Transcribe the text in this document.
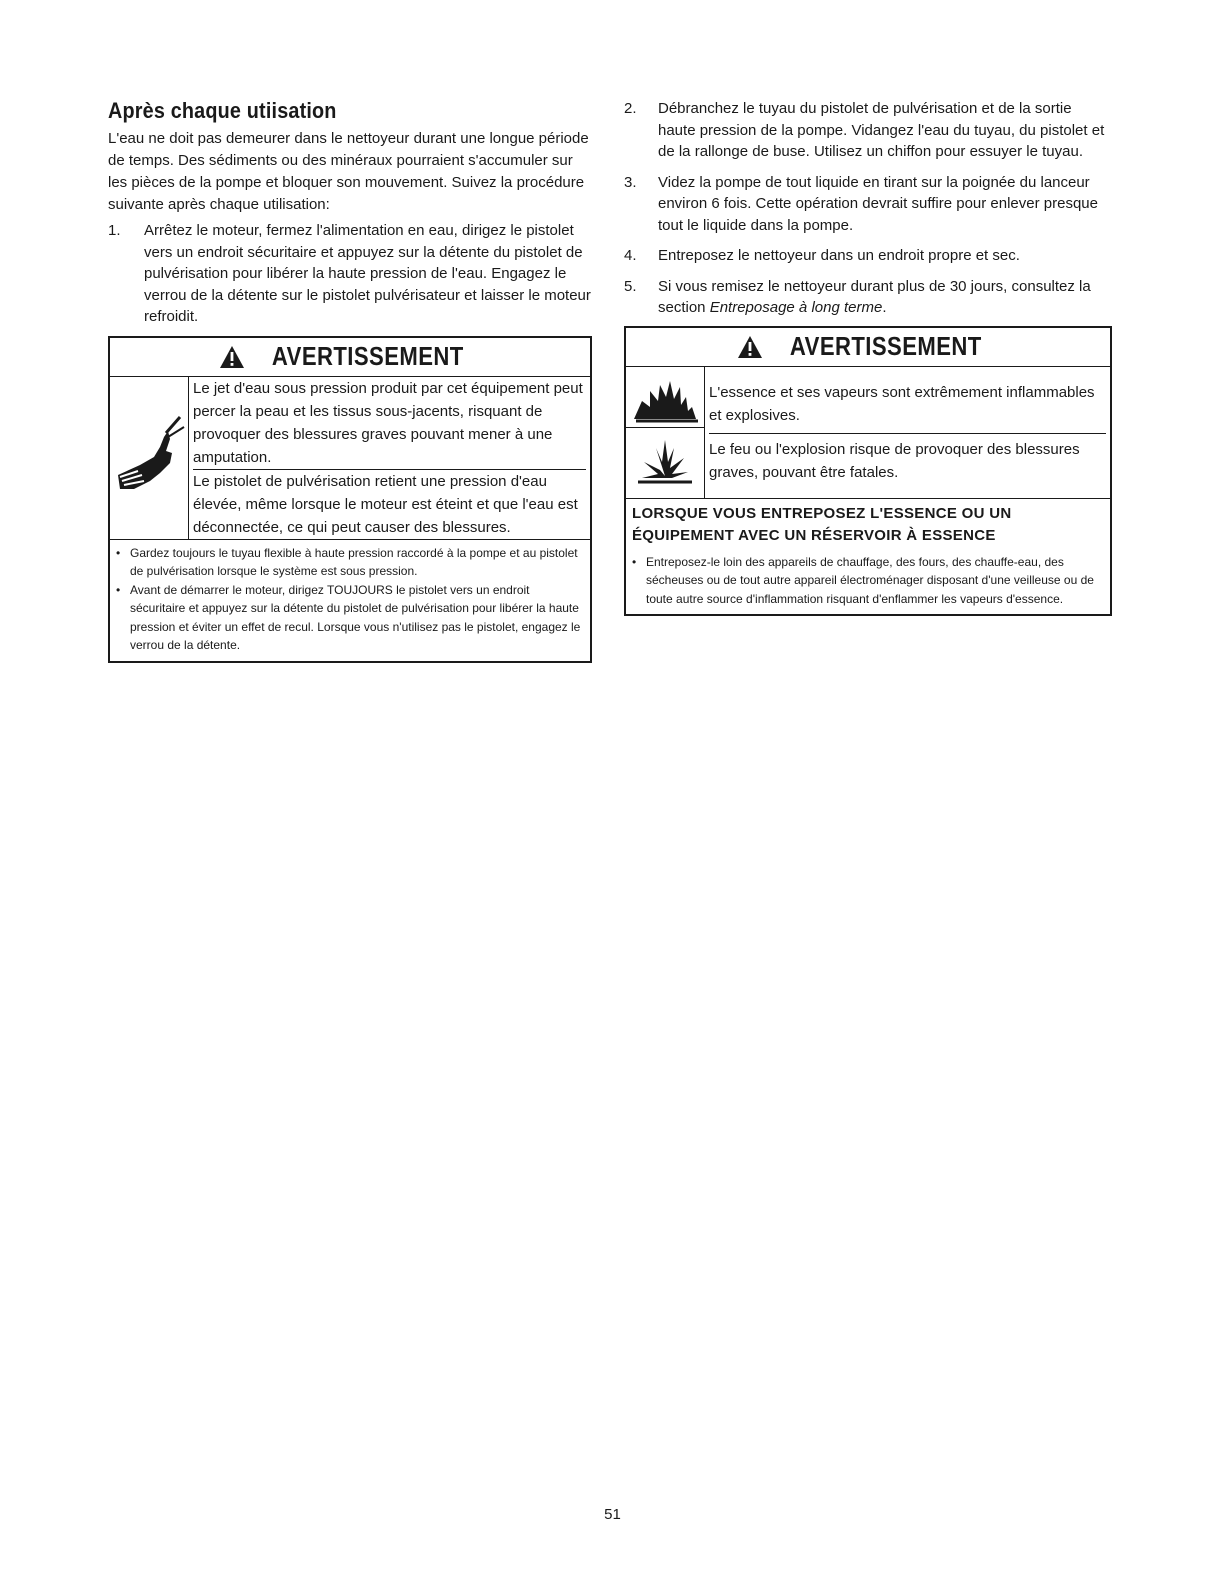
Après chaque utiisation

L'eau ne doit pas demeurer dans le nettoyeur durant une longue période de temps. Des sédiments ou des minéraux pourraient s'accumuler sur les pièces de la pompe et bloquer son mouvement. Suivez la procédure suivante après chaque utilisation:

1.	Arrêtez le moteur, fermez l'alimentation en eau, dirigez le pistolet vers un endroit sécuritaire et appuyez sur la détente du pistolet de pulvérisation pour libérer la haute pression de l'eau. Engagez le verrou de la détente sur le pistolet pulvérisateur et laisser le moteur refroidit.
AVERTISSEMENT

Le jet d'eau sous pression produit par cet équipement peut percer la peau et les tissus sous-jacents, risquant de provoquer des blessures graves pouvant mener à une amputation.

Le pistolet de pulvérisation retient une pression d'eau élevée, même lorsque le moteur est éteint et que l'eau est déconnectée, ce qui peut causer des blessures.

• Gardez toujours le tuyau flexible à haute pression raccordé à la pompe et au pistolet de pulvérisation lorsque le système est sous pression.
• Avant de démarrer le moteur, dirigez TOUJOURS le pistolet vers un endroit sécuritaire et appuyez sur la détente du pistolet de pulvérisation pour libérer la haute pression et éviter un effet de recul. Lorsque vous n'utilisez pas le pistolet, engagez le verrou de la détente.
2.	Débranchez le tuyau du pistolet de pulvérisation et de la sortie haute pression de la pompe. Vidangez l'eau du tuyau, du pistolet et de la rallonge de buse. Utilisez un chiffon pour essuyer le tuyau.
3.	Videz la pompe de tout liquide en tirant sur la poignée du lanceur environ 6 fois. Cette opération devrait suffire pour enlever presque tout le liquide dans la pompe.
4.	Entreposez le nettoyeur dans un endroit propre et sec.
5.	Si vous remisez le nettoyeur durant plus de 30 jours, consultez la section Entreposage à long terme.
AVERTISSEMENT

L'essence et ses vapeurs sont extrêmement inflammables et explosives.

Le feu ou l'explosion risque de provoquer des blessures graves, pouvant être fatales.

LORSQUE VOUS ENTREPOSEZ L'ESSENCE OU UN ÉQUIPEMENT AVEC UN RÉSERVOIR À ESSENCE
• Entreposez-le loin des appareils de chauffage, des fours, des chauffe-eau, des sécheuses ou de tout autre appareil électroménager disposant d'une veilleuse ou de toute autre source d'inflammation risquant d'enflammer les vapeurs d'essence.
51
